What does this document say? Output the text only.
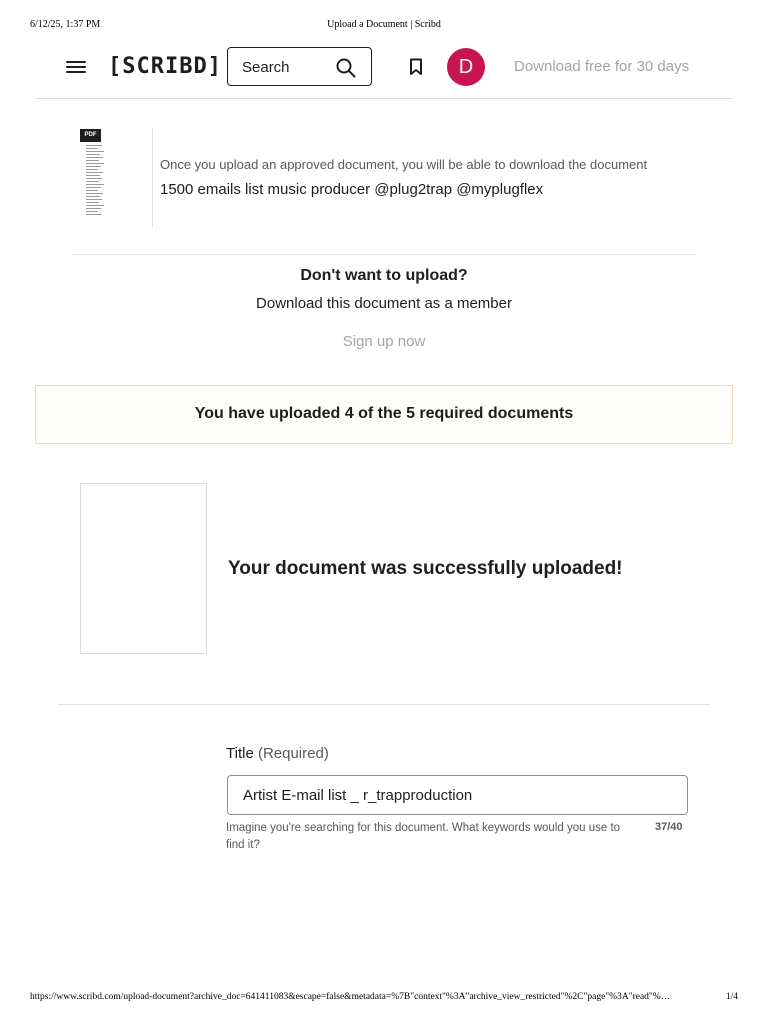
6/12/25, 1:37 PM	Upload a Document | Scribd
[SCRIBD] Search	D	Download free for 30 days
PDF
Once you upload an approved document, you will be able to download the document
1500 emails list music producer @plug2trap @myplugflex
Don't want to upload?
Download this document as a member
Sign up now
You have uploaded 4 of the 5 required documents
Your document was successfully uploaded!
Title (Required)
Artist E-mail list _ r_trapproduction
Imagine you're searching for this document. What keywords would you use to find it?
37/40
https://www.scribd.com/upload-document?archive_doc=641411083&escape=false&metadata=%7B"context"%3A"archive_view_restricted"%2C"page"%3A"read"%…	1/4
